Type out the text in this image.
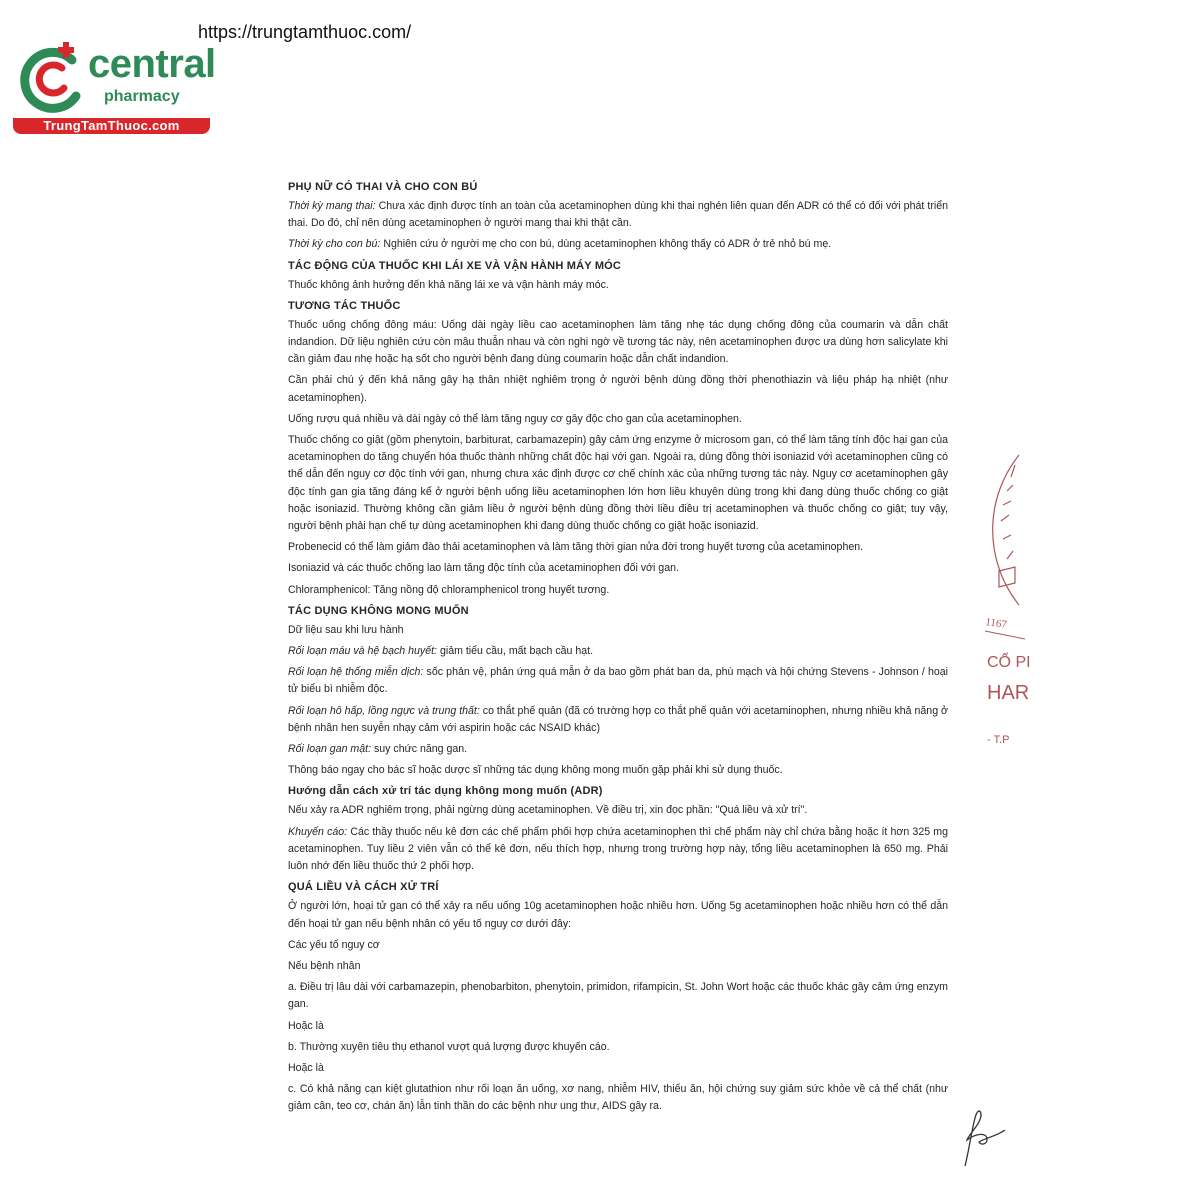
https://trungtamthuoc.com/
central
pharmacy
TrungTamThuoc.com
PHỤ NỮ CÓ THAI VÀ CHO CON BÚ

Thời kỳ mang thai: Chưa xác định được tính an toàn của acetaminophen dùng khi thai nghén liên quan đến ADR có thể có đối với phát triển thai. Do đó, chỉ nên dùng acetaminophen ở người mang thai khi thật cần.

Thời kỳ cho con bú: Nghiên cứu ở người mẹ cho con bú, dùng acetaminophen không thấy có ADR ở trẻ nhỏ bú mẹ.

TÁC ĐỘNG CỦA THUỐC KHI LÁI XE VÀ VẬN HÀNH MÁY MÓC

Thuốc không ảnh hưởng đến khả năng lái xe và vận hành máy móc.

TƯƠNG TÁC THUỐC

Thuốc uống chống đông máu: Uống dài ngày liều cao acetaminophen làm tăng nhẹ tác dụng chống đông của coumarin và dẫn chất indandion. Dữ liệu nghiên cứu còn mâu thuẫn nhau và còn nghi ngờ về tương tác này, nên acetaminophen được ưa dùng hơn salicylate khi cần giảm đau nhẹ hoặc hạ sốt cho người bệnh đang dùng coumarin hoặc dẫn chất indandion.

Cần phải chú ý đến khả năng gây hạ thân nhiệt nghiêm trọng ở người bệnh dùng đồng thời phenothiazin và liệu pháp hạ nhiệt (như acetaminophen).

Uống rượu quá nhiều và dài ngày có thể làm tăng nguy cơ gây độc cho gan của acetaminophen.

Thuốc chống co giật (gồm phenytoin, barbiturat, carbamazepin) gây cảm ứng enzyme ở microsom gan, có thể làm tăng tính độc hại gan của acetaminophen do tăng chuyển hóa thuốc thành những chất độc hại với gan. Ngoài ra, dùng đồng thời isoniazid với acetaminophen cũng có thể dẫn đến nguy cơ độc tính với gan, nhưng chưa xác định được cơ chế chính xác của những tương tác này. Nguy cơ acetaminophen gây độc tính gan gia tăng đáng kể ở người bệnh uống liều acetaminophen lớn hơn liều khuyên dùng trong khi đang dùng thuốc chống co giật hoặc isoniazid. Thường không cần giảm liều ở người bệnh dùng đồng thời liều điều trị acetaminophen và thuốc chống co giật; tuy vậy, người bệnh phải hạn chế tự dùng acetaminophen khi đang dùng thuốc chống co giật hoặc isoniazid.

Probenecid có thể làm giảm đào thải acetaminophen và làm tăng thời gian nửa đời trong huyết tương của acetaminophen.

Isoniazid và các thuốc chống lao làm tăng độc tính của acetaminophen đối với gan.

Chloramphenicol: Tăng nồng độ chloramphenicol trong huyết tương.

TÁC DỤNG KHÔNG MONG MUỐN

Dữ liệu sau khi lưu hành

Rối loạn máu và hệ bạch huyết: giảm tiểu cầu, mất bạch cầu hạt.

Rối loạn hệ thống miễn dịch: sốc phản vệ, phản ứng quá mẫn ở da bao gồm phát ban da, phù mạch và hội chứng Stevens - Johnson / hoại tử biểu bì nhiễm độc.

Rối loạn hô hấp, lồng ngực và trung thất: co thắt phế quản (đã có trường hợp co thắt phế quản với acetaminophen, nhưng nhiều khả năng ở bệnh nhân hen suyễn nhạy cảm với aspirin hoặc các NSAID khác)

Rối loạn gan mật: suy chức năng gan.

Thông báo ngay cho bác sĩ hoặc dược sĩ những tác dụng không mong muốn gặp phải khi sử dụng thuốc.

Hướng dẫn cách xử trí tác dụng không mong muốn (ADR)

Nếu xảy ra ADR nghiêm trọng, phải ngừng dùng acetaminophen. Về điều trị, xin đọc phần: "Quá liều và xử trí".

Khuyến cáo: Các thầy thuốc nếu kê đơn các chế phẩm phối hợp chứa acetaminophen thì chế phẩm này chỉ chứa bằng hoặc ít hơn 325 mg acetaminophen. Tuy liều 2 viên vẫn có thể kê đơn, nếu thích hợp, nhưng trong trường hợp này, tổng liều acetaminophen là 650 mg. Phải luôn nhớ đến liều thuốc thứ 2 phối hợp.

QUÁ LIỀU VÀ CÁCH XỬ TRÍ

Ở người lớn, hoại tử gan có thể xảy ra nếu uống 10g acetaminophen hoặc nhiều hơn. Uống 5g acetaminophen hoặc nhiều hơn có thể dẫn đến hoại tử gan nếu bệnh nhân có yếu tố nguy cơ dưới đây:

Các yếu tố nguy cơ

Nếu bệnh nhân

a. Điều trị lâu dài với carbamazepin, phenobarbiton, phenytoin, primidon, rifampicin, St. John Wort hoặc các thuốc khác gây cảm ứng enzym gan.

Hoặc là

b. Thường xuyên tiêu thụ ethanol vượt quá lượng được khuyến cáo.

Hoặc là

c. Có khả năng cạn kiệt glutathion như rối loạn ăn uống, xơ nang, nhiễm HIV, thiếu ăn, hội chứng suy giảm sức khỏe về cả thể chất (như giảm cân, teo cơ, chán ăn) lẫn tinh thần do các bệnh như ung thư, AIDS gây ra.

1167
CỔ PI
HAR
- T.P
